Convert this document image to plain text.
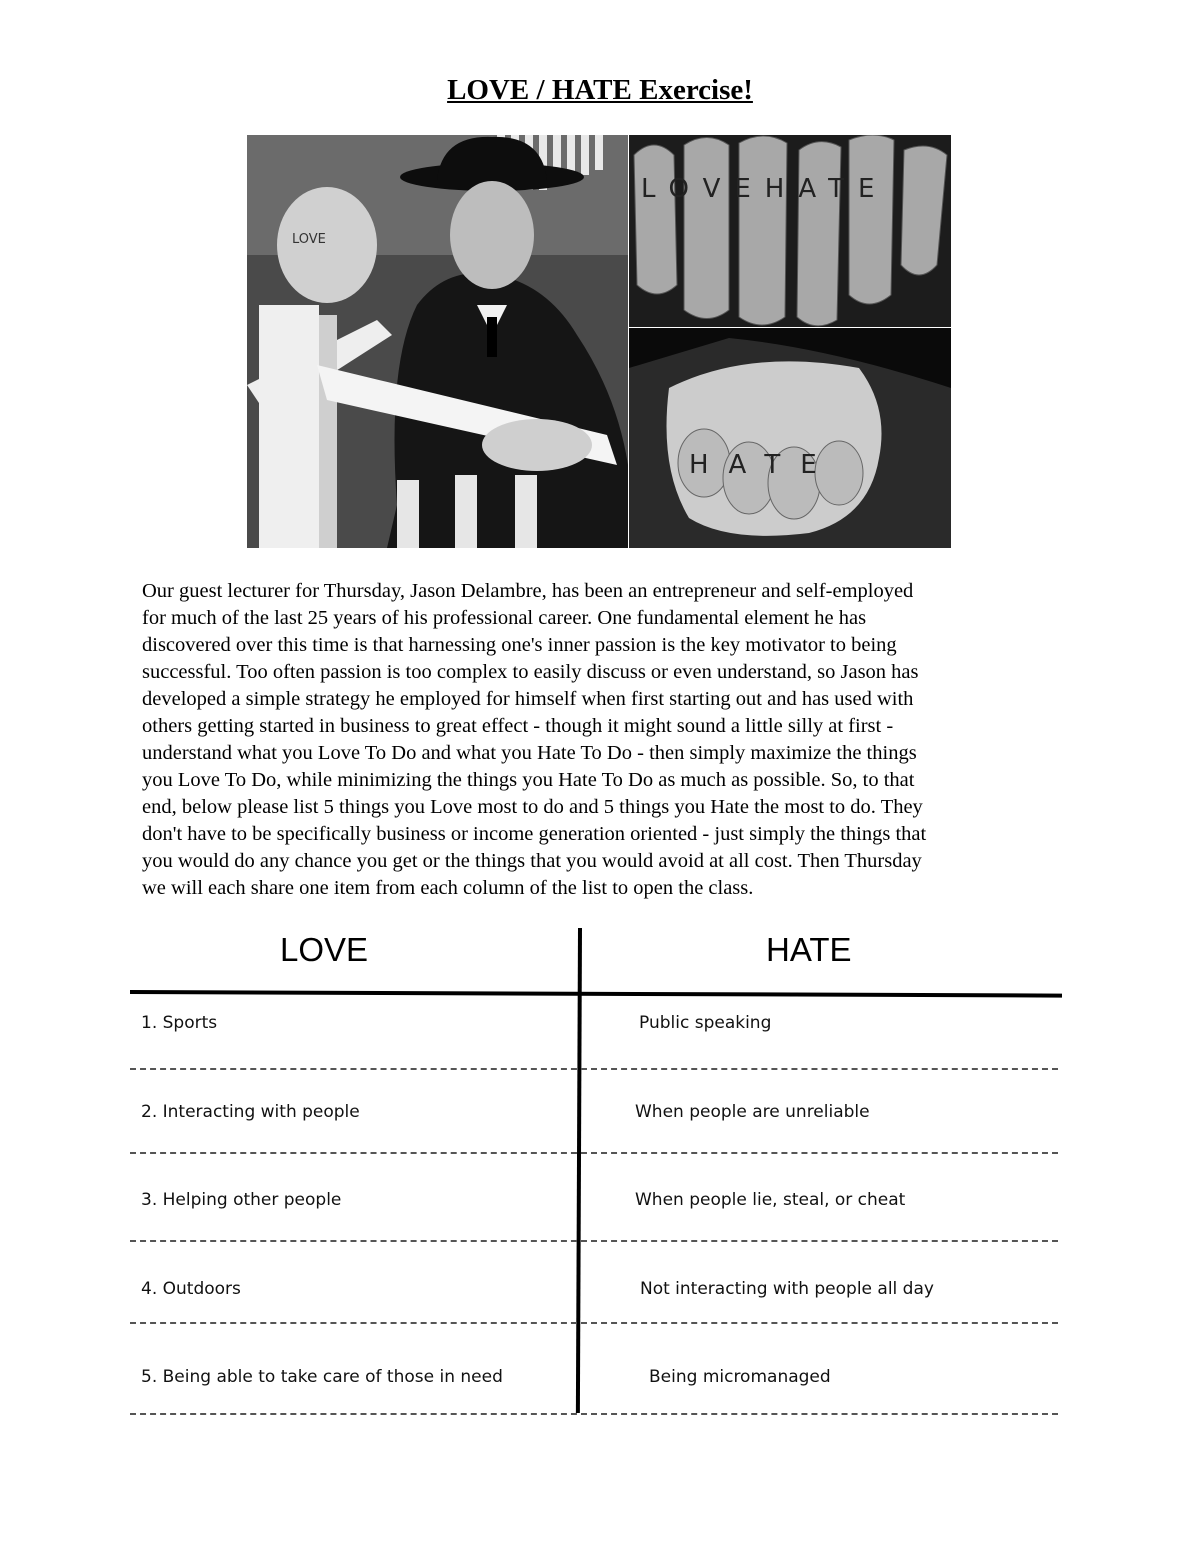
LOVE / HATE Exercise!
LOVE
LOVEHATE
HATE
Our guest lecturer for Thursday, Jason Delambre, has been an entrepreneur and self-employed
for much of the last 25 years of his professional career. One fundamental element he has
discovered over this time is that harnessing one's inner passion is the key motivator to being
successful. Too often passion is too complex to easily discuss or even understand, so Jason has
developed a simple strategy he employed for himself when first starting out and has used with
others getting started in business to great effect - though it might sound a little silly at first -
understand what you Love To Do and what you Hate To Do - then simply maximize the things
you Love To Do, while minimizing the things you Hate To Do as much as possible. So, to that
end, below please list 5 things you Love most to do and 5 things you Hate the most to do. They
don't have to be specifically business or income generation oriented - just simply the things that
you would do any chance you get or the things that you would avoid at all cost. Then Thursday
we will each share one item from each column of the list to open the class.
LOVE	HATE
1. Sports	Public speaking
2. Interacting with people	When people are unreliable
3. Helping other people	When people lie, steal, or cheat
4. Outdoors	Not interacting with people all day
5. Being able to take care of those in need	Being micromanaged
